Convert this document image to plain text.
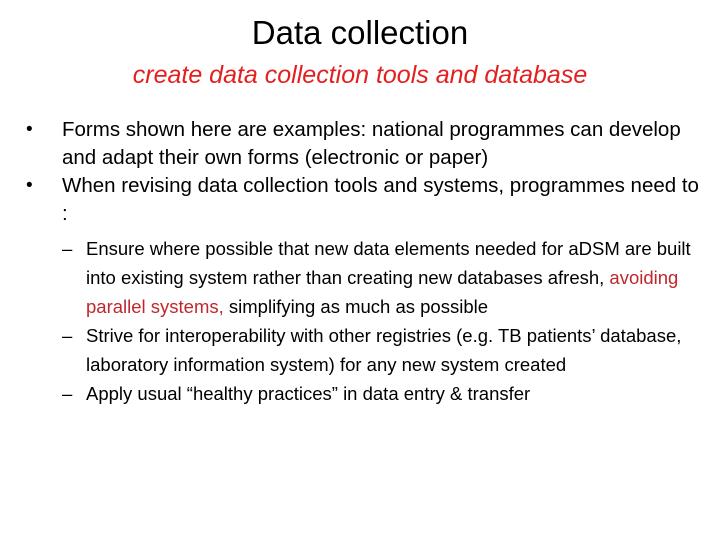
Data collection
create data collection tools and database
•	Forms shown here are examples: national programmes can develop and adapt their own forms (electronic or paper)
•	When revising data collection tools and systems, programmes need to :
– Ensure where possible that new data elements needed for aDSM are built into existing system rather than creating new databases afresh, avoiding parallel systems, simplifying as much as possible
– Strive for interoperability with other registries (e.g. TB patients’ database, laboratory information system) for any new system created
– Apply usual “healthy practices” in data entry & transfer
